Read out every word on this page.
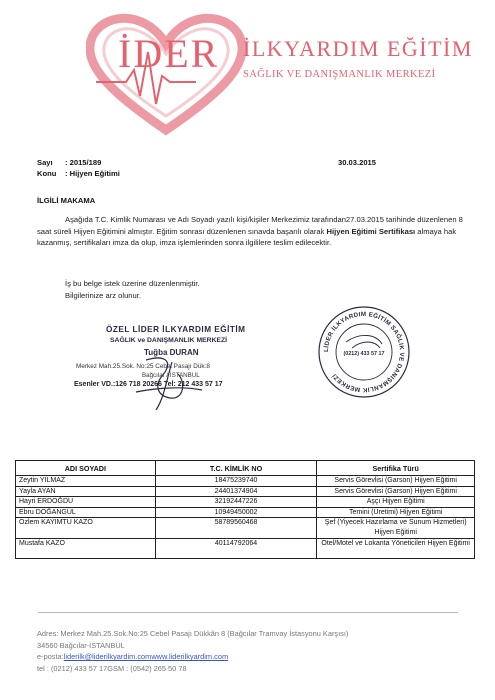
İDER İLKYARDIM EĞİTİM
SAĞLIK VE DANIŞMANLIK MERKEZİ
Sayı : 2015/189
Konu : Hijyen Eğitimi
30.03.2015
İLGİLİ MAKAMA
Aşağıda T.C. Kimlik Numarası ve Adı Soyadı yazılı kişi/kişiler Merkezimiz tarafından27.03.2015 tarihinde düzenlenen 8 saat süreli Hijyen Eğitimini almıştır. Eğitim sonrası düzenlenen sınavda başarılı olarak Hijyen Eğitimi Sertifikası almaya hak kazanmış, sertifikaları imza da olup, imza işlemlerinden sonra ilgililere teslim edilecektir.
İş bu belge istek üzerine düzenlenmiştir.
Bilgilerinize arz olunur.
ÖZEL LİDER İLKYARDIM EĞİTİM
SAĞLIK ve DANIŞMANLIK MERKEZİ
Tuğba DURAN
Merkez Mah.25.Sok. No:25 Cebel Pasajı Dük:8
Bağcılar / İSTANBUL
Esenler VD.:126 718 20266 Tel: 212 433 57 17
LİDER İLKYARDIM EĞİTİM SAĞLIK VE DANIŞMANLIK MERKEZİ
(0212) 433 57 17
ADI SOYADI	T.C. KİMLİK NO	Sertifika Türü
Zeytin YILMAZ	18475239740	Servis Görevlisi (Garson) Hijyen Eğitimi
Yayla AYAN	24401374904	Servis Görevlisi (Garson) Hijyen Eğitimi
Hayri ERDOĞDU	32192447226	Aşçı Hijyen Eğitimi
Ebru DOĞANGÜL	10949450002	Temini (Üretimi) Hijyen Eğitimi
Özlem KAYIMTU KAZO	58789560468	Şef (Yiyecek Hazırlama ve Sunum Hizmetleri) Hijyen Eğitimi
Mustafa KAZO	40114792064	Otel/Motel ve Lokanta Yöneticileri Hijyen Eğitimi
Adres: Merkez Mah.25.Sok.No:25 Cebel Pasajı Dükkân 8 (Bağcılar Tramvay İstasyonu Karşısı)
34560 Bağcılar-İSTANBUL
e-posta:liderilk@liderilkyardim.comwww.liderilkyardim.com
tel : (0212) 433 57 17GSM : (0542) 265 50 78
